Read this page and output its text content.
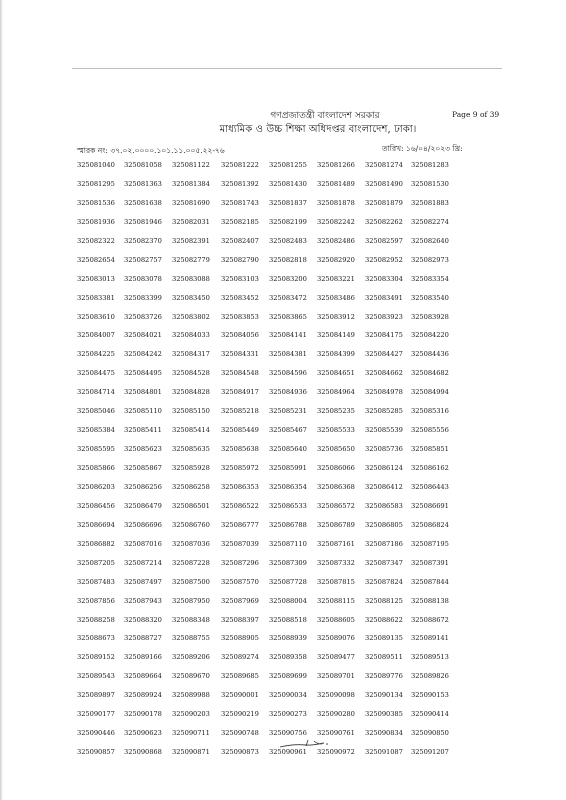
গণপ্রজাতন্ত্রী বাংলাদেশ সরকার
মাধ্যমিক ও উচ্চ শিক্ষা অধিদপ্তর বাংলাদেশ, ঢাকা।
Page 9 of 39
স্মারক নং: ৩৭.০২.০০০০.১০১.১১.০০৫.২২-৭৬	তারিখ: ১৬/০৪/২০২৩ খ্রি:
325081040	325081058	325081122	325081222	325081255	325081266	325081274	325081283
325081295	325081363	325081384	325081392	325081430	325081489	325081490	325081530
325081536	325081638	325081690	325081743	325081837	325081878	325081879	325081883
325081936	325081946	325082031	325082185	325082199	325082242	325082262	325082274
325082322	325082370	325082391	325082407	325082483	325082486	325082597	325082640
325082654	325082757	325082779	325082790	325082818	325082920	325082952	325082973
325083013	325083078	325083088	325083103	325083200	325083221	325083304	325083354
325083381	325083399	325083450	325083452	325083472	325083486	325083491	325083540
325083610	325083726	325083802	325083853	325083865	325083912	325083923	325083928
325084007	325084021	325084033	325084056	325084141	325084149	325084175	325084220
325084225	325084242	325084317	325084331	325084381	325084399	325084427	325084436
325084475	325084495	325084528	325084548	325084596	325084651	325084662	325084682
325084714	325084801	325084828	325084917	325084936	325084964	325084978	325084994
325085046	325085110	325085150	325085218	325085231	325085235	325085285	325085316
325085384	325085411	325085414	325085449	325085467	325085533	325085539	325085556
325085595	325085623	325085635	325085638	325085640	325085650	325085736	325085851
325085866	325085867	325085928	325085972	325085991	325086066	325086124	325086162
325086203	325086256	325086258	325086353	325086354	325086368	325086412	325086443
325086456	325086479	325086501	325086522	325086533	325086572	325086583	325086691
325086694	325086696	325086760	325086777	325086788	325086789	325086805	325086824
325086882	325087016	325087036	325087039	325087110	325087161	325087186	325087195
325087205	325087214	325087228	325087296	325087309	325087332	325087347	325087391
325087483	325087497	325087500	325087570	325087728	325087815	325087824	325087844
325087856	325087943	325087950	325087969	325088004	325088115	325088125	325088138
325088258	325088320	325088348	325088397	325088518	325088605	325088622	325088672
325088673	325088727	325088755	325088905	325088939	325089076	325089135	325089141
325089152	325089166	325089206	325089274	325089358	325089477	325089511	325089513
325089543	325089664	325089670	325089685	325089699	325089701	325089776	325089826
325089897	325089924	325089988	325090001	325090034	325090098	325090134	325090153
325090177	325090178	325090203	325090219	325090273	325090280	325090385	325090414
325090446	325090623	325090711	325090748	325090756	325090761	325090834	325090850
325090857	325090868	325090871	325090873	325090961	325090972	325091087	325091207
